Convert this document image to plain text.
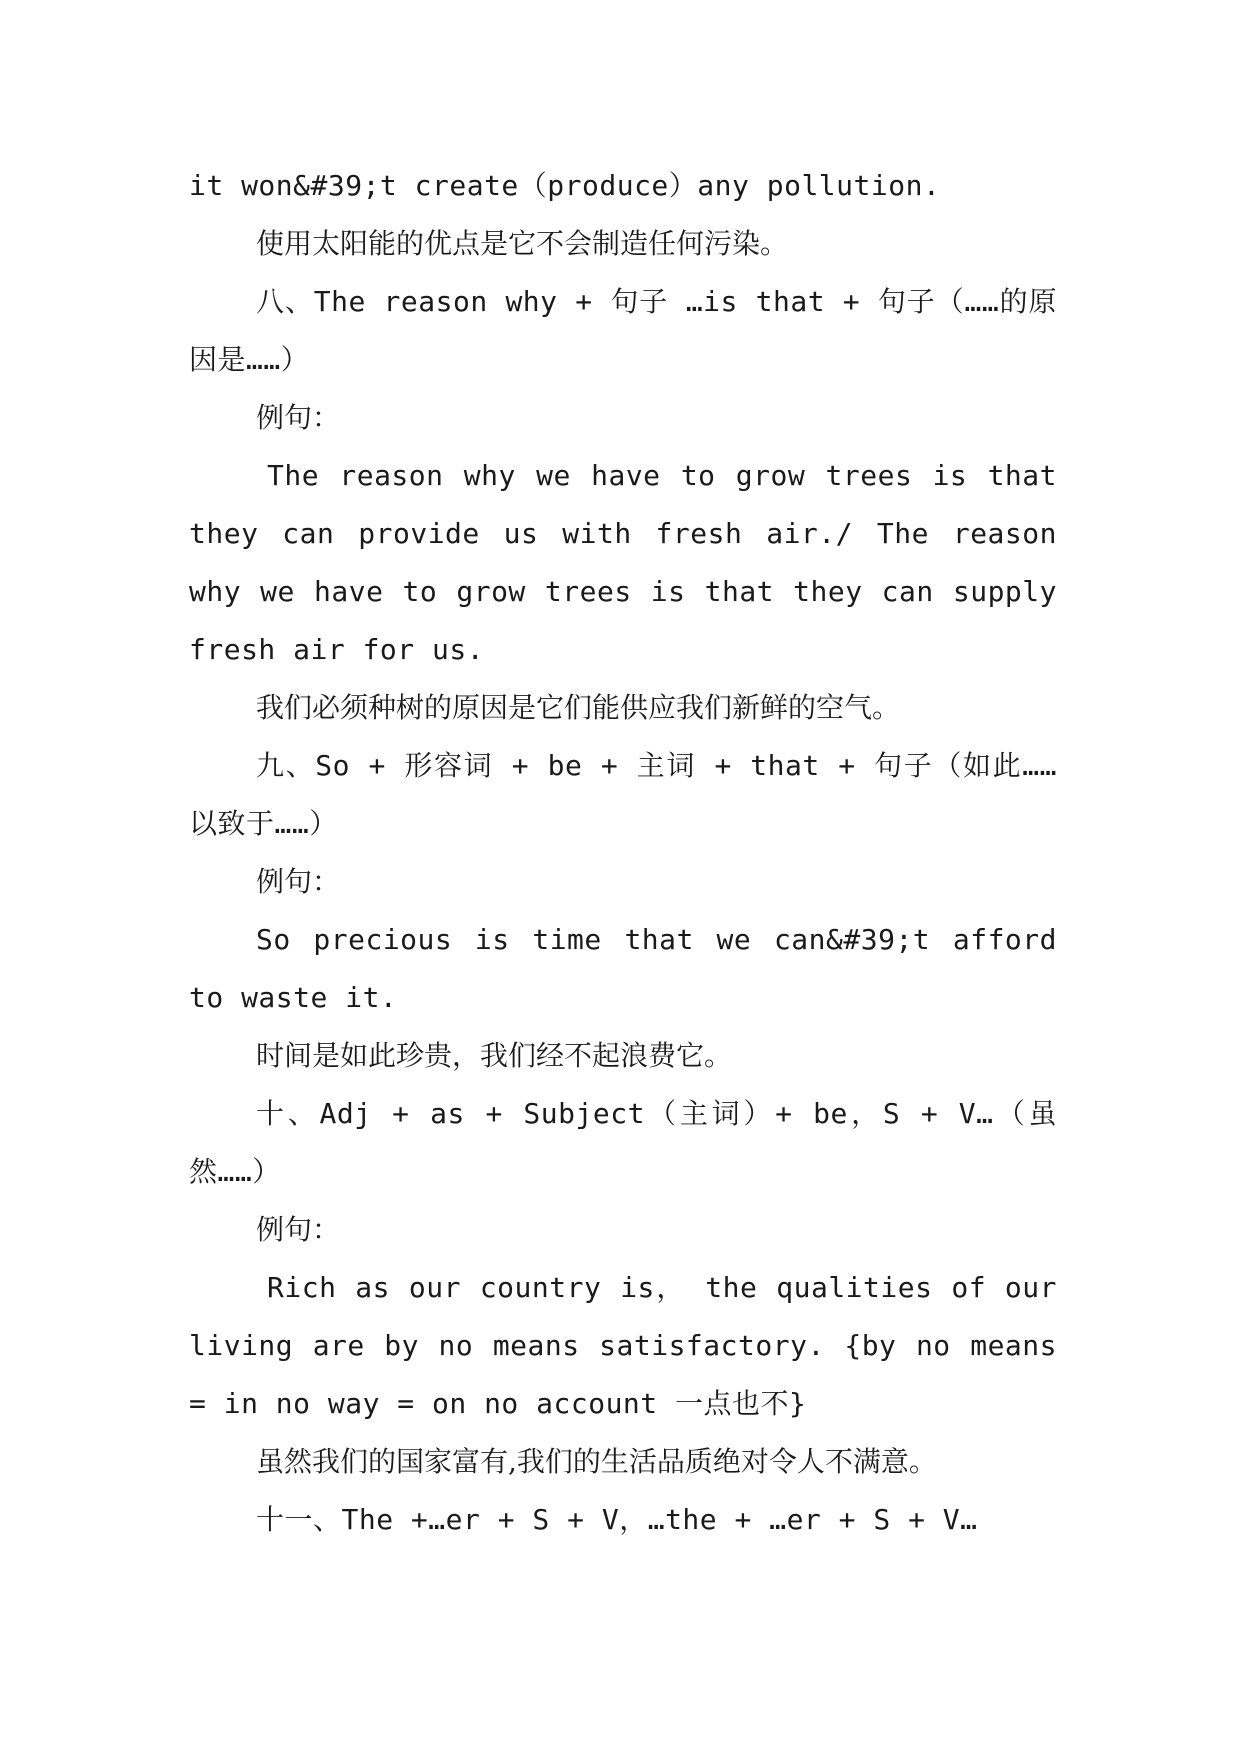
it won&#39;t create（produce）any pollution.

使用太阳能的优点是它不会制造任何污染。

八、The reason why + 句子 …is that + 句子（……的原因是……）

例句：

The reason why we have to grow trees is that they can provide us with fresh air./ The reason why we have to grow trees is that they can supply fresh air for us.

我们必须种树的原因是它们能供应我们新鲜的空气。

九、So + 形容词 + be + 主词 + that + 句子（如此……以致于……）

例句：

So precious is time that we can&#39;t afford to waste it.

时间是如此珍贵，我们经不起浪费它。

十、Adj + as + Subject（主词）+ be，S + V…（虽然……）

例句：

Rich as our country is， the qualities of our living are by no means satisfactory. {by no means = in no way = on no account 一点也不}

虽然我们的国家富有,我们的生活品质绝对令人不满意。

十一、The +…er + S + V，…the + …er + S + V…
